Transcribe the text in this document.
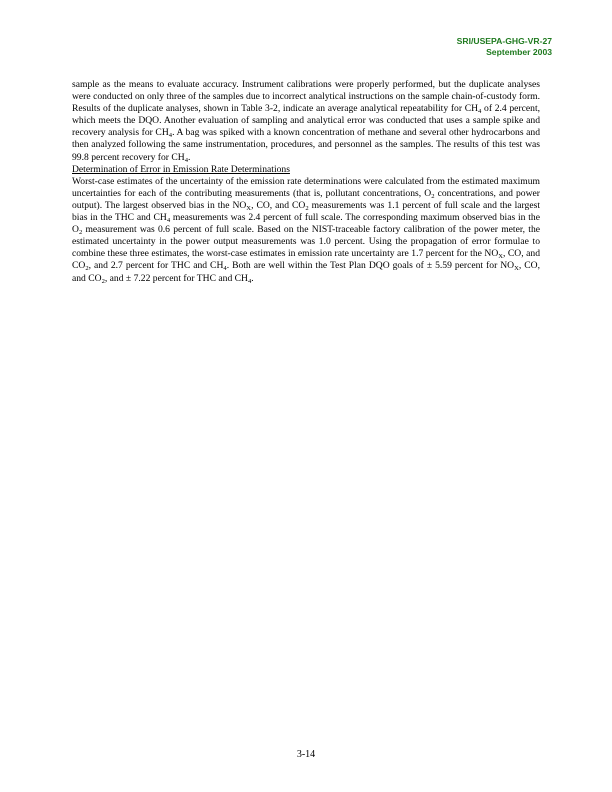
SRI/USEPA-GHG-VR-27
September 2003

sample as the means to evaluate accuracy. Instrument calibrations were properly performed, but the duplicate analyses were conducted on only three of the samples due to incorrect analytical instructions on the sample chain-of-custody form. Results of the duplicate analyses, shown in Table 3-2, indicate an average analytical repeatability for $CH_4$ of 2.4 percent, which meets the DQO. Another evaluation of sampling and analytical error was conducted that uses a sample spike and recovery analysis for $CH_4$. A bag was spiked with a known concentration of methane and several other hydrocarbons and then analyzed following the same instrumentation, procedures, and personnel as the samples. The results of this test was 99.8 percent recovery for $CH_4$.

Determination of Error in Emission Rate Determinations

Worst-case estimates of the uncertainty of the emission rate determinations were calculated from the estimated maximum uncertainties for each of the contributing measurements (that is, pollutant concentrations, $O_2$ concentrations, and power output). The largest observed bias in the $NO_X$, CO, and $CO_2$ measurements was 1.1 percent of full scale and the largest bias in the THC and $CH_4$ measurements was 2.4 percent of full scale. The corresponding maximum observed bias in the $O_2$ measurement was 0.6 percent of full scale. Based on the NIST-traceable factory calibration of the power meter, the estimated uncertainty in the power output measurements was 1.0 percent. Using the propagation of error formulae to combine these three estimates, the worst-case estimates in emission rate uncertainty are 1.7 percent for the $NO_X$, CO, and $CO_2$, and 2.7 percent for THC and $CH_4$. Both are well within the Test Plan DQO goals of ± 5.59 percent for $NO_X$, CO, and $CO_2$, and ± 7.22 percent for THC and $CH_4$.

3-14
